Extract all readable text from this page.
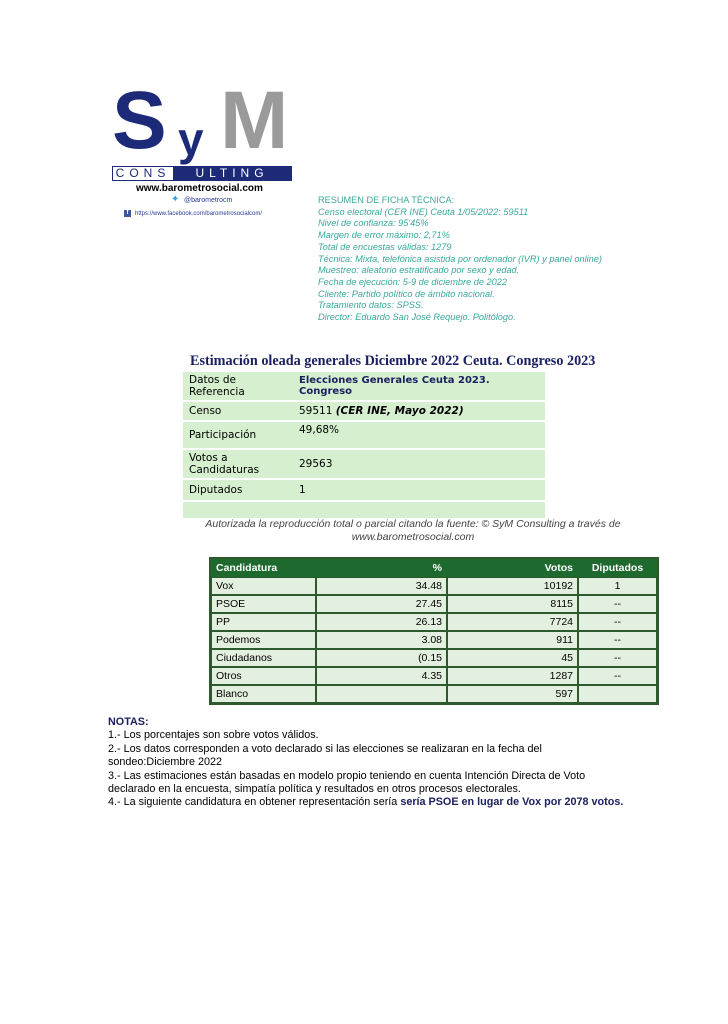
S y M
CONS	ULTING
www.barometrosocial.com
✦ @barometrocm
f	https://www.facebook.com/barometrosocialcom/
RESUMEN DE FICHA TÉCNICA:
Censo electoral (CER INE) Ceuta 1/05/2022: 59511
Nivel de confianza: 95'45%
Margen de error máximo: 2,71%
Total de encuestas válidas: 1279
Técnica: Mixta, telefónica asistida por ordenador (IVR) y panel online)
Muestreo: aleatorio estratificado por sexo y edad.
Fecha de ejecución: 5-9 de diciembre de 2022
Cliente: Partido político de ámbito nacional.
Tratamiento datos: SPSS.
Director: Eduardo San José Requejo. Politólogo.
Estimación oleada generales Diciembre 2022 Ceuta. Congreso 2023
Datos de Referencia	Elecciones Generales Ceuta 2023. Congreso
Censo	59511 (CER INE, Mayo 2022)
Participación	49,68%
Votos a Candidaturas	29563
Diputados	1

Autorizada la reproducción total o parcial citando la fuente: © SyM Consulting a través de www.barometrosocial.com
Candidatura	%	Votos	Diputados
Vox	34.48	10192	1
PSOE	27.45	8115	--
PP	26.13	7724	--
Podemos	3.08	911	--
Ciudadanos	(0.15	45	--
Otros	4.35	1287	--
Blanco		597	
NOTAS:
1.- Los porcentajes son sobre votos válidos.
2.- Los datos corresponden a voto declarado si las elecciones se realizaran en la fecha del sondeo:Diciembre 2022
3.- Las estimaciones están basadas en modelo propio teniendo en cuenta Intención Directa de Voto declarado en la encuesta, simpatía política y resultados en otros procesos electorales.
4.- La siguiente candidatura en obtener representación sería sería PSOE en lugar de Vox por 2078 votos.
